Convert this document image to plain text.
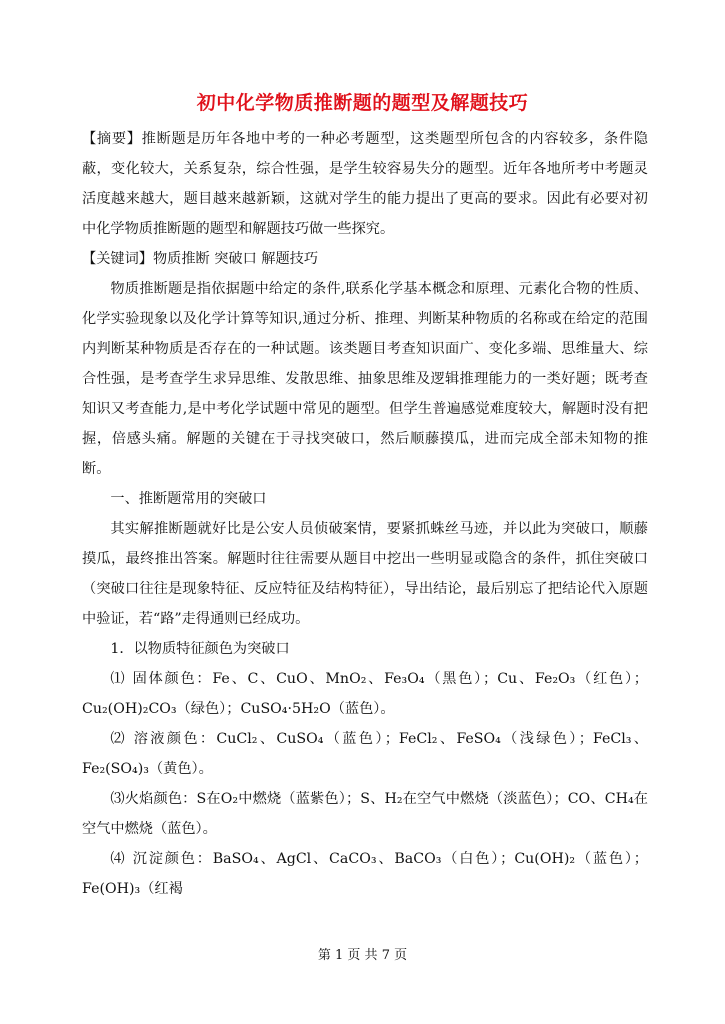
初中化学物质推断题的题型及解题技巧

【摘要】推断题是历年各地中考的一种必考题型，这类题型所包含的内容较多，条件隐蔽，变化较大，关系复杂，综合性强，是学生较容易失分的题型。近年各地所考中考题灵活度越来越大，题目越来越新颖，这就对学生的能力提出了更高的要求。因此有必要对初中化学物质推断题的题型和解题技巧做一些探究。

【关键词】物质推断 突破口 解题技巧

物质推断题是指依据题中给定的条件,联系化学基本概念和原理、元素化合物的性质、化学实验现象以及化学计算等知识,通过分析、推理、判断某种物质的名称或在给定的范围内判断某种物质是否存在的一种试题。该类题目考查知识面广、变化多端、思维量大、综合性强，是考查学生求异思维、发散思维、抽象思维及逻辑推理能力的一类好题；既考查知识又考查能力,是中考化学试题中常见的题型。但学生普遍感觉难度较大，解题时没有把握，倍感头痛。解题的关键在于寻找突破口，然后顺藤摸瓜，进而完成全部未知物的推断。

一、推断题常用的突破口

其实解推断题就好比是公安人员侦破案情，要紧抓蛛丝马迹，并以此为突破口，顺藤摸瓜，最终推出答案。解题时往往需要从题目中挖出一些明显或隐含的条件，抓住突破口（突破口往往是现象特征、反应特征及结构特征），导出结论，最后别忘了把结论代入原题中验证，若“路”走得通则已经成功。

1．以物质特征颜色为突破口

⑴ 固体颜色：Fe、C、CuO、MnO₂、Fe₃O₄（黑色）；Cu、Fe₂O₃（红色）；Cu₂(OH)₂CO₃（绿色）；CuSO₄·5H₂O（蓝色）。

⑵ 溶液颜色：CuCl₂、CuSO₄（蓝色）；FeCl₂、FeSO₄（浅绿色）；FeCl₃、Fe₂(SO₄)₃（黄色）。

⑶火焰颜色：S在O₂中燃烧（蓝紫色）；S、H₂在空气中燃烧（淡蓝色）；CO、CH₄在空气中燃烧（蓝色）。

⑷ 沉淀颜色：BaSO₄、AgCl、CaCO₃、BaCO₃（白色）；Cu(OH)₂（蓝色）；Fe(OH)₃（红褐

第 1 页 共 7 页
